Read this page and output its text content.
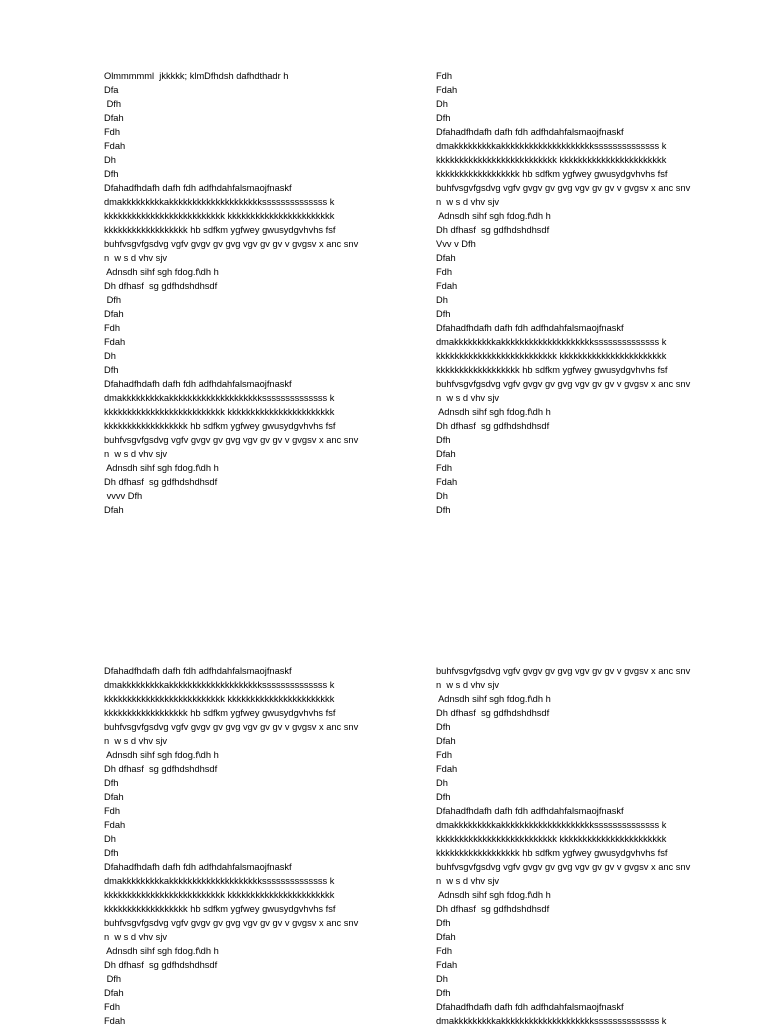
Olmmmmml  jkkkkk; klmDfhdsh dafhdthadr h
Dfa
Dfh
Dfah
Fdh
Fdah
Dh
Dfh
Dfahadfhdafh dafh fdh adfhdahfalsmaojfnaskf
dmakkkkkkkkkakkkkkkkkkkkkkkkkkkkkssssssssssssss k
kkkkkkkkkkkkkkkkkkkkkkkkkk kkkkkkkkkkkkkkkkkkkkkkk
kkkkkkkkkkkkkkkkkk hb sdfkm ygfwey gwusydgvhvhs fsf
buhfvsgvfgsdvg vgfv gvgv gv gvg vgv gv gv v gvgsv x anc snv
n  w s d vhv sjv
Adnsdh sihf sgh fdog.f\dh h
Dh dfhasf  sg gdfhdshdhsdf
Dfh
Dfah
Fdh
Fdah
Dh
Dfh
Dfahadfhdafh dafh fdh adfhdahfalsmaojfnaskf
dmakkkkkkkkkakkkkkkkkkkkkkkkkkkkkssssssssssssss k
kkkkkkkkkkkkkkkkkkkkkkkkkk kkkkkkkkkkkkkkkkkkkkkkk
kkkkkkkkkkkkkkkkkk hb sdfkm ygfwey gwusydgvhvhs fsf
buhfvsgvfgsdvg vgfv gvgv gv gvg vgv gv gv v gvgsv x anc snv
n  w s d vhv sjv
Adnsdh sihf sgh fdog.f\dh h
Dh dfhasf  sg gdfhdshdhsdf
vvvv Dfh
Dfah
Fdh
Fdah
Dh
Dfh
Dfahadfhdafh dafh fdh adfhdahfalsmaojfnaskf
dmakkkkkkkkkakkkkkkkkkkkkkkkkkkkkssssssssssssss k
kkkkkkkkkkkkkkkkkkkkkkkkkk kkkkkkkkkkkkkkkkkkkkkkk
kkkkkkkkkkkkkkkkkk hb sdfkm ygfwey gwusydgvhvhs fsf
buhfvsgvfgsdvg vgfv gvgv gv gvg vgv gv gv v gvgsv x anc snv
n  w s d vhv sjv
Adnsdh sihf sgh fdog.f\dh h
Dh dfhasf  sg gdfhdshdhsdf
Vvv v Dfh
Dfah
Fdh
Fdah
Dh
Dfh
Dfahadfhdafh dafh fdh adfhdahfalsmaojfnaskf
dmakkkkkkkkkakkkkkkkkkkkkkkkkkkkkssssssssssssss k
kkkkkkkkkkkkkkkkkkkkkkkkkk kkkkkkkkkkkkkkkkkkkkkkk
kkkkkkkkkkkkkkkkkk hb sdfkm ygfwey gwusydgvhvhs fsf
buhfvsgvfgsdvg vgfv gvgv gv gvg vgv gv gv v gvgsv x anc snv
n  w s d vhv sjv
Adnsdh sihf sgh fdog.f\dh h
Dh dfhasf  sg gdfhdshdhsdf
Dfh
Dfah
Fdh
Fdah
Dh
Dfh
Dfahadfhdafh dafh fdh adfhdahfalsmaojfnaskf
dmakkkkkkkkkakkkkkkkkkkkkkkkkkkkkssssssssssssss k
kkkkkkkkkkkkkkkkkkkkkkkkkk kkkkkkkkkkkkkkkkkkkkkkk
kkkkkkkkkkkkkkkkkk hb sdfkm ygfwey gwusydgvhvhs fsf
buhfvsgvfgsdvg vgfv gvgv gv gvg vgv gv gv v gvgsv x anc snv
n  w s d vhv sjv
Adnsdh sihf sgh fdog.f\dh h
Dh dfhasf  sg gdfhdshdhsdf
Dfh
Dfah
Fdh
Fdah
Dh
Dfh
Dfahadfhdafh dafh fdh adfhdahfalsmaojfnaskf
dmakkkkkkkkkakkkkkkkkkkkkkkkkkkkkssssssssssssss k
kkkkkkkkkkkkkkkkkkkkkkkkkk kkkkkkkkkkkkkkkkkkkkkkk
kkkkkkkkkkkkkkkkkk hb sdfkm ygfwey gwusydgvhvhs fsf
buhfvsgvfgsdvg vgfv gvgv gv gvg vgv gv gv v gvgsv x anc snv
n  w s d vhv sjv
Adnsdh sihf sgh fdog.f\dh h
Dh dfhasf  sg gdfhdshdhsdf
Dfh
Dfah
Fdh
Fdah
buhfvsgvfgsdvg vgfv gvgv gv gvg vgv gv gv v gvgsv x anc snv
n  w s d vhv sjv
Adnsdh sihf sgh fdog.f\dh h
Dh dfhasf  sg gdfhdshdhsdf
Dfh
Dfah
Fdh
Fdah
Dh
Dfh
Dfahadfhdafh dafh fdh adfhdahfalsmaojfnaskf
dmakkkkkkkkkakkkkkkkkkkkkkkkkkkkkssssssssssssss k
kkkkkkkkkkkkkkkkkkkkkkkkkk kkkkkkkkkkkkkkkkkkkkkkk
kkkkkkkkkkkkkkkkkk hb sdfkm ygfwey gwusydgvhvhs fsf
buhfvsgvfgsdvg vgfv gvgv gv gvg vgv gv gv v gvgsv x anc snv
n  w s d vhv sjv
Adnsdh sihf sgh fdog.f\dh h
Dh dfhasf  sg gdfhdshdhsdf
Dfh
Dfah
Fdh
Fdah
Dh
Dfh
Dfahadfhdafh dafh fdh adfhdahfalsmaojfnaskf
dmakkkkkkkkkakkkkkkkkkkkkkkkkkkkkssssssssssssss k
